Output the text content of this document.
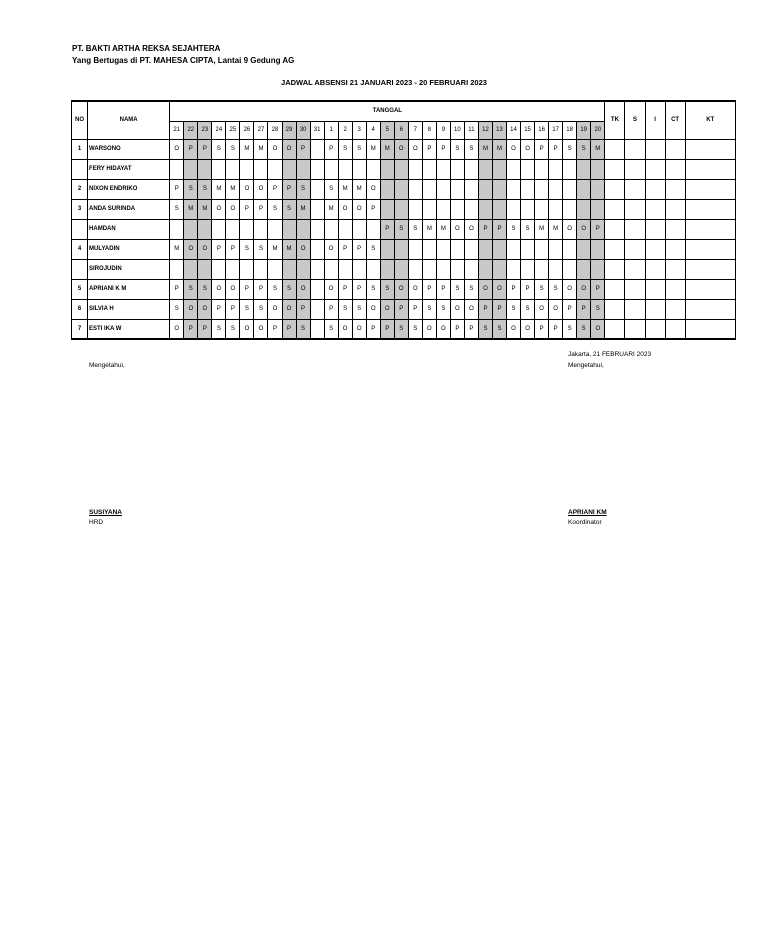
PT. BAKTI ARTHA REKSA SEJAHTERA
Yang Bertugas di PT. MAHESA CIPTA, Lantai 9 Gedung AG
JADWAL ABSENSI 21 JANUARI 2023 - 20 FEBRUARI 2023
NO	NAMA	TANGGAL																															TK	S	I	CT	KT
		21	22	23	24	25	26	27	28	29	30	31	1	2	3	4	5	6	7	8	9	10	11	12	13	14	15	16	17	18	19	20					
1	WARSONO	O	P	P	S	S	M	M	O	O	P		P	S	S	M	M	O	O	P	P	S	S	M	M	O	O	P	P	S	S	M					
	FERY HIDAYAT																																				
2	NIXON ENDRIKO	P	S	S	M	M	O	O	P	P	S		S	M	M	O																					
3	ANDA SURINDA	S	M	M	O	O	P	P	S	S	M		M	O	O	P																					
	HAMDAN																P	S	S	M	M	O	O	P	P	S	S	M	M	O	O	P					
4	MULYADIN	M	O	O	P	P	S	S	M	M	O		O	P	P	S																					
	SIROJUDIN																																				
5	APRIANI K M	P	S	S	O	O	P	P	S	S	O		O	P	P	S	S	O	O	P	P	S	S	O	O	P	P	S	S	O	O	P					
6	SILVIA H	S	O	O	P	P	S	S	O	O	P		P	S	S	O	O	P	P	S	S	O	O	P	P	S	S	O	O	P	P	S					
7	ESTI IKA W	O	P	P	S	S	O	O	P	P	S		S	O	O	P	P	S	S	O	O	P	P	S	S	O	O	P	P	S	S	O					
Mengetahui,
Jakarta, 21 FEBRUARI 2023
Mengetahui,
SUSIYANA
HRD
APRIANI KM
Koordinator
